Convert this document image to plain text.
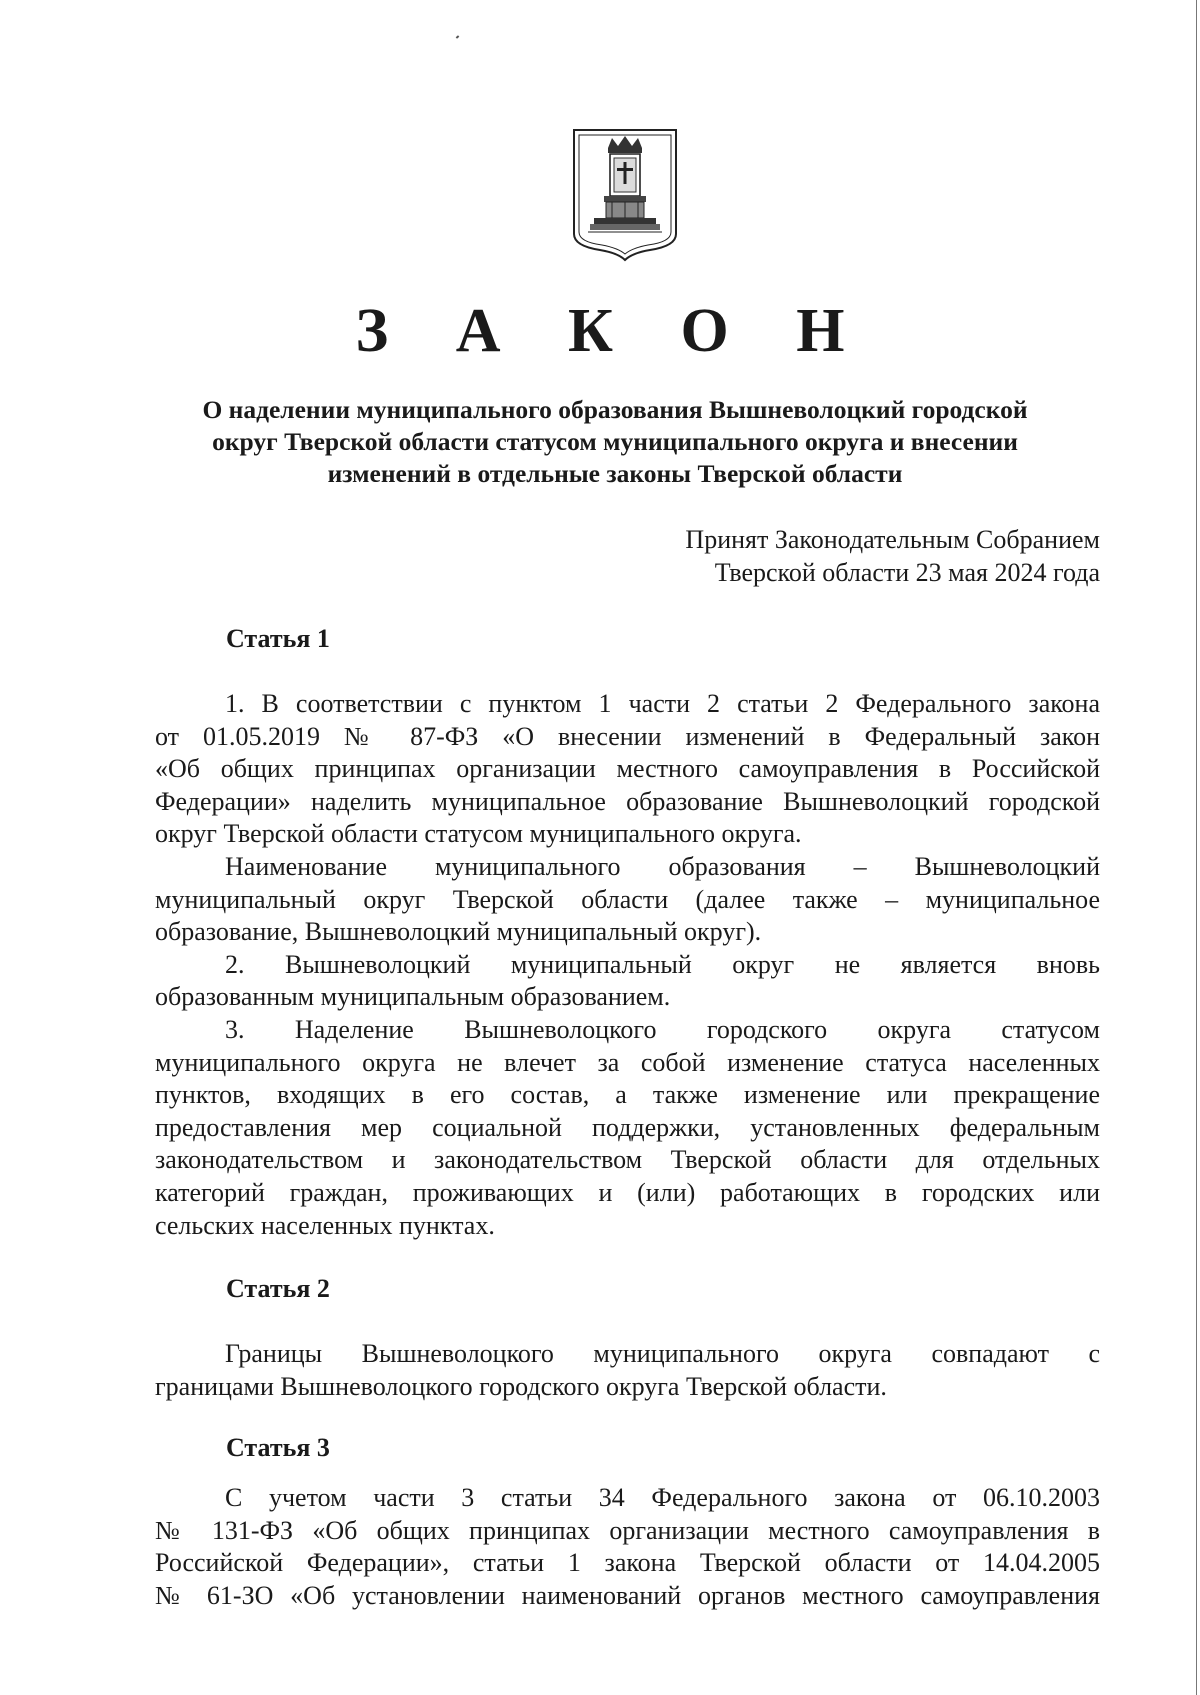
З А К О Н
О наделении муниципального образования Вышневолоцкий городской
округ Тверской области статусом муниципального округа и внесении
изменений в отдельные законы Тверской области
Принят Законодательным Собранием
Тверской области 23 мая 2024 года
Статья 1
1. В соответствии с пунктом 1 части 2 статьи 2 Федерального закона
от 01.05.2019 № 87-ФЗ «О внесении изменений в Федеральный закон
«Об общих принципах организации местного самоуправления в Российской
Федерации» наделить муниципальное образование Вышневолоцкий городской
округ Тверской области статусом муниципального округа.
Наименование муниципального образования – Вышневолоцкий
муниципальный округ Тверской области (далее также – муниципальное
образование, Вышневолоцкий муниципальный округ).
2. Вышневолоцкий муниципальный округ не является вновь
образованным муниципальным образованием.
3. Наделение Вышневолоцкого городского округа статусом
муниципального округа не влечет за собой изменение статуса населенных
пунктов, входящих в его состав, а также изменение или прекращение
предоставления мер социальной поддержки, установленных федеральным
законодательством и законодательством Тверской области для отдельных
категорий граждан, проживающих и (или) работающих в городских или
сельских населенных пунктах.
Статья 2
Границы Вышневолоцкого муниципального округа совпадают с
границами Вышневолоцкого городского округа Тверской области.
Статья 3
С учетом части 3 статьи 34 Федерального закона от 06.10.2003
№ 131-ФЗ «Об общих принципах организации местного самоуправления в
Российской Федерации», статьи 1 закона Тверской области от 14.04.2005
№ 61-ЗО «Об установлении наименований органов местного самоуправления
